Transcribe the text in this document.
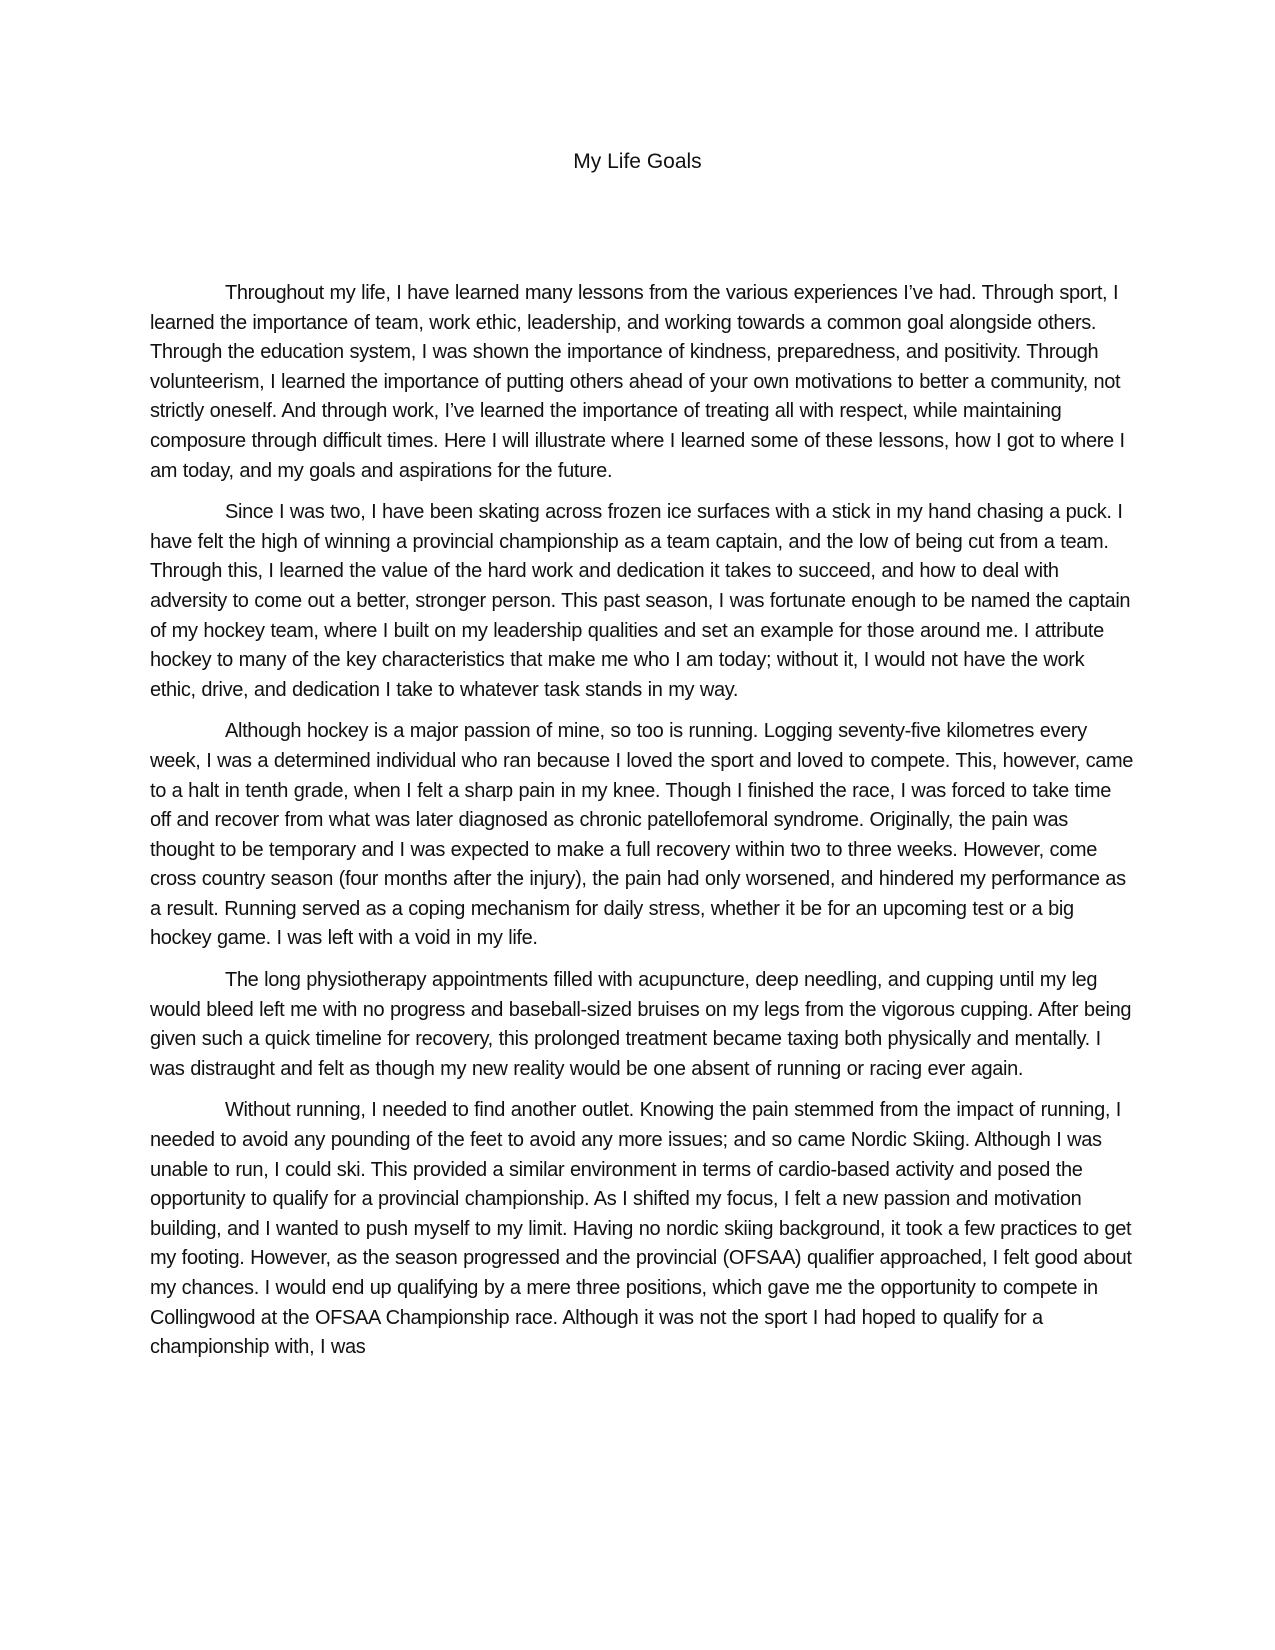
My Life Goals

Throughout my life, I have learned many lessons from the various experiences I’ve had. Through sport, I learned the importance of team, work ethic, leadership, and working towards a common goal alongside others. Through the education system, I was shown the importance of kindness, preparedness, and positivity. Through volunteerism, I learned the importance of putting others ahead of your own motivations to better a community, not strictly oneself. And through work, I’ve learned the importance of treating all with respect, while maintaining composure through difficult times. Here I will illustrate where I learned some of these lessons, how I got to where I am today, and my goals and aspirations for the future.

Since I was two, I have been skating across frozen ice surfaces with a stick in my hand chasing a puck. I have felt the high of winning a provincial championship as a team captain, and the low of being cut from a team. Through this, I learned the value of the hard work and dedication it takes to succeed, and how to deal with adversity to come out a better, stronger person. This past season, I was fortunate enough to be named the captain of my hockey team, where I built on my leadership qualities and set an example for those around me. I attribute hockey to many of the key characteristics that make me who I am today; without it, I would not have the work ethic, drive, and dedication I take to whatever task stands in my way.

Although hockey is a major passion of mine, so too is running. Logging seventy-five kilometres every week, I was a determined individual who ran because I loved the sport and loved to compete. This, however, came to a halt in tenth grade, when I felt a sharp pain in my knee. Though I finished the race, I was forced to take time off and recover from what was later diagnosed as chronic patellofemoral syndrome. Originally, the pain was thought to be temporary and I was expected to make a full recovery within two to three weeks. However, come cross country season (four months after the injury), the pain had only worsened, and hindered my performance as a result. Running served as a coping mechanism for daily stress, whether it be for an upcoming test or a big hockey game. I was left with a void in my life.

The long physiotherapy appointments filled with acupuncture, deep needling, and cupping until my leg would bleed left me with no progress and baseball-sized bruises on my legs from the vigorous cupping. After being given such a quick timeline for recovery, this prolonged treatment became taxing both physically and mentally. I was distraught and felt as though my new reality would be one absent of running or racing ever again.

Without running, I needed to find another outlet. Knowing the pain stemmed from the impact of running, I needed to avoid any pounding of the feet to avoid any more issues; and so came Nordic Skiing. Although I was unable to run, I could ski. This provided a similar environment in terms of cardio-based activity and posed the opportunity to qualify for a provincial championship. As I shifted my focus, I felt a new passion and motivation building, and I wanted to push myself to my limit. Having no nordic skiing background, it took a few practices to get my footing. However, as the season progressed and the provincial (OFSAA) qualifier approached, I felt good about my chances. I would end up qualifying by a mere three positions, which gave me the opportunity to compete in Collingwood at the OFSAA Championship race. Although it was not the sport I had hoped to qualify for a championship with, I was
